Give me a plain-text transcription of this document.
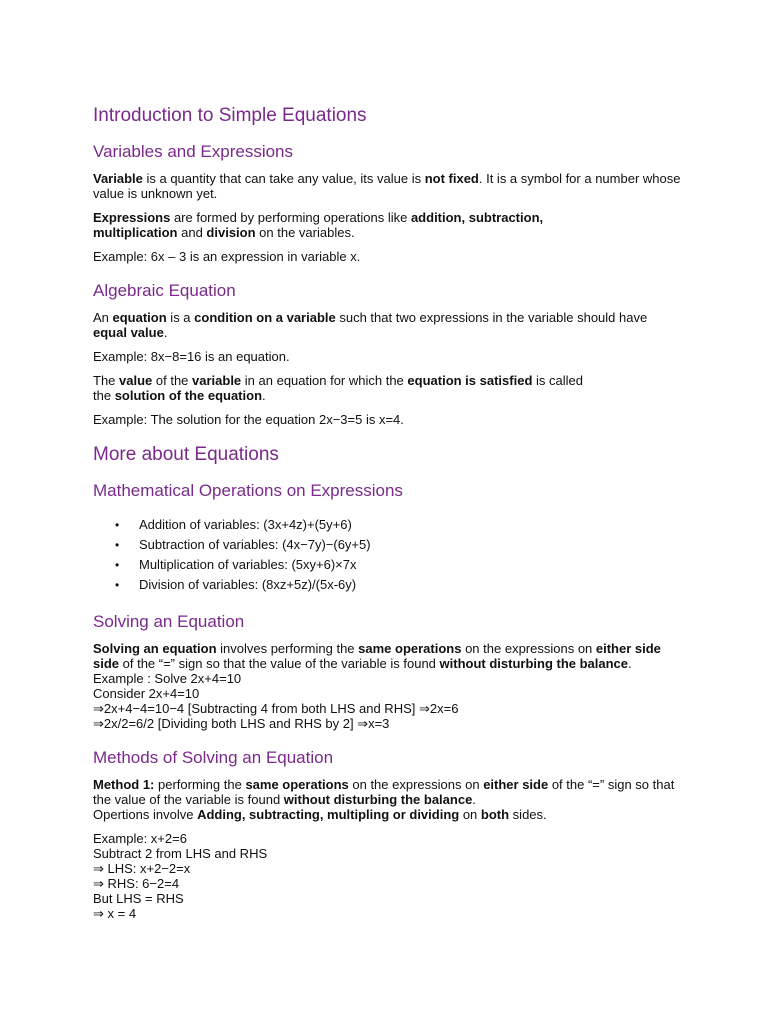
Introduction to Simple Equations
Variables and Expressions

Variable is a quantity that can take any value, its value is not fixed. It is a symbol for a number whose value is unknown yet.

Expressions are formed by performing operations like addition, subtraction,
multiplication and division on the variables.

Example: 6x – 3 is an expression in variable x.

Algebraic Equation

An equation is a condition on a variable such that two expressions in the variable should have equal value.

Example: 8x−8=16 is an equation.

The value of the variable in an equation for which the equation is satisfied is called
the solution of the equation.

Example: The solution for the equation 2x−3=5 is x=4.

More about Equations
Mathematical Operations on Expressions
• Addition of variables: (3x+4z)+(5y+6)
• Subtraction of variables: (4x−7y)−(6y+5)
• Multiplication of variables: (5xy+6)×7x
• Division of variables: (8xz+5z)/(5x-6y)
Solving an Equation

Solving an equation involves performing the same operations on the expressions on either side
side of the “=” sign so that the value of the variable is found without disturbing the balance.

Example : Solve 2x+4=10

Consider 2x+4=10

⇒2x+4−4=10−4 [Subtracting 4 from both LHS and RHS] ⇒2x=6

⇒2x/2=6/2 [Dividing both LHS and RHS by 2] ⇒x=3

Methods of Solving an Equation

Method 1: performing the same operations on the expressions on either side of the “=” sign so that the value of the variable is found without disturbing the balance.

Opertions involve Adding, subtracting, multipling or dividing on both sides.

Example: x+2=6

Subtract 2 from LHS and RHS

⇒ LHS: x+2−2=x

⇒ RHS: 6−2=4

But LHS = RHS

⇒ x = 4
